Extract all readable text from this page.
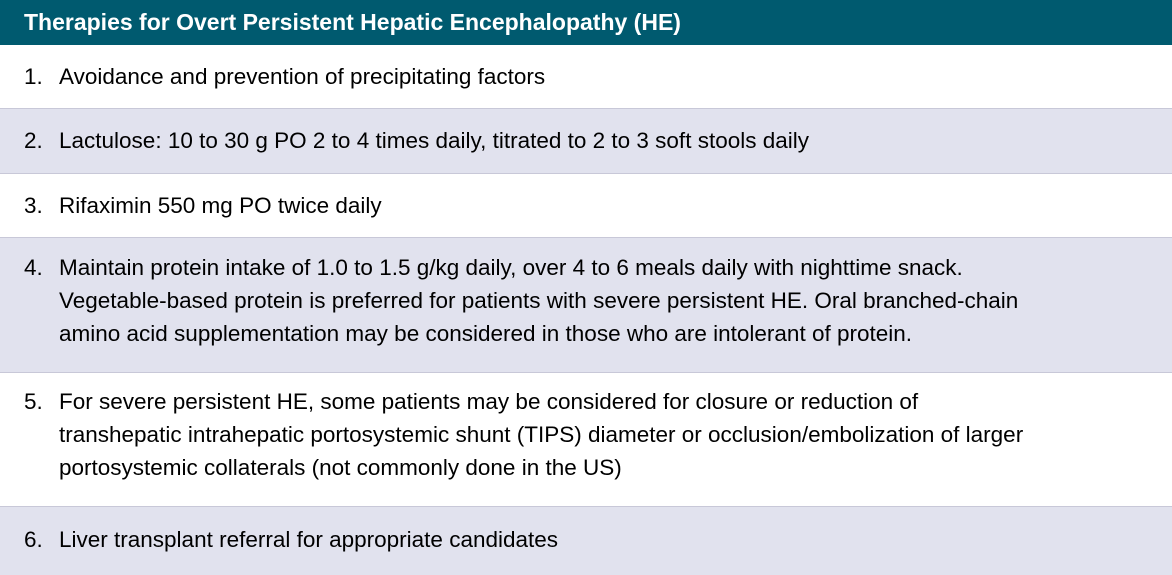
Therapies for Overt Persistent Hepatic Encephalopathy (HE)
1. Avoidance and prevention of precipitating factors
2. Lactulose: 10 to 30 g PO 2 to 4 times daily, titrated to 2 to 3 soft stools daily
3. Rifaximin 550 mg PO twice daily
4. Maintain protein intake of 1.0 to 1.5 g/kg daily, over 4 to 6 meals daily with nighttime snack.
Vegetable-based protein is preferred for patients with severe persistent HE. Oral branched-chain
amino acid supplementation may be considered in those who are intolerant of protein.
5. For severe persistent HE, some patients may be considered for closure or reduction of
transhepatic intrahepatic portosystemic shunt (TIPS) diameter or occlusion/embolization of larger
portosystemic collaterals (not commonly done in the US)
6. Liver transplant referral for appropriate candidates
